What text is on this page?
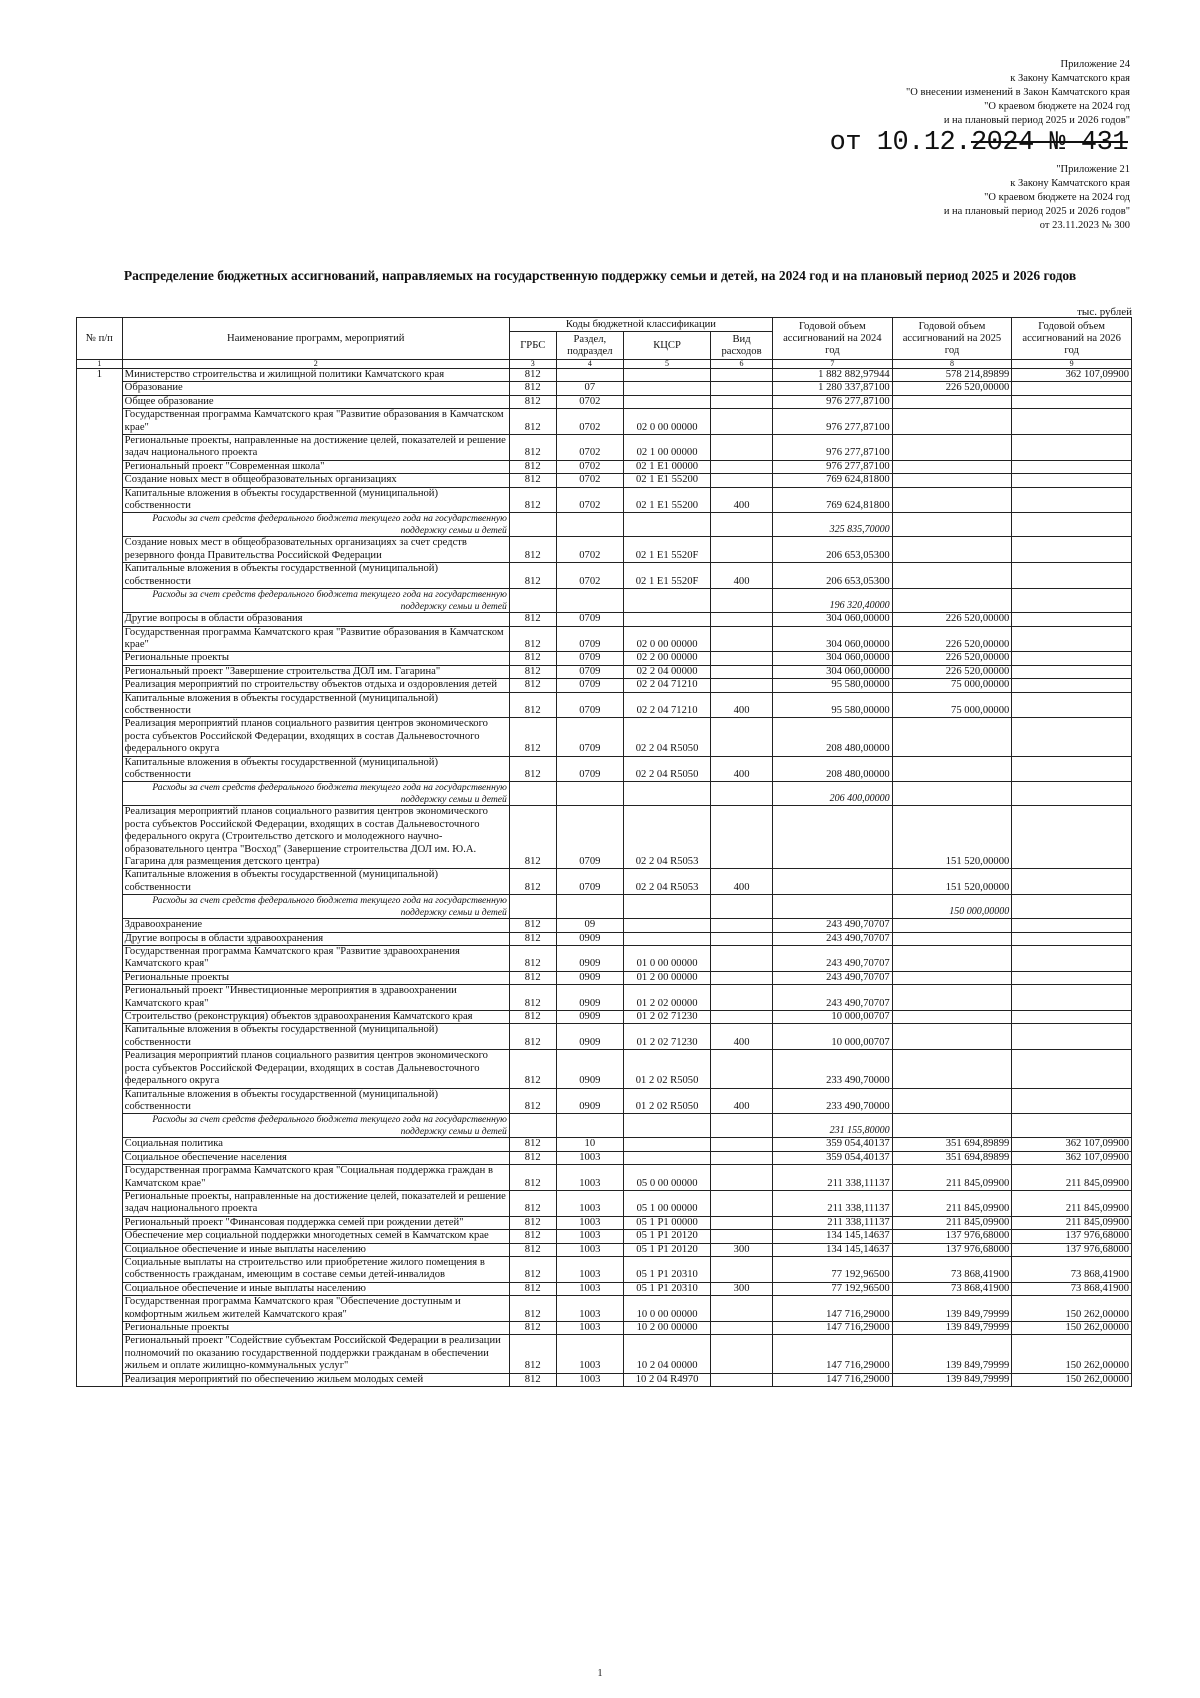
Приложение 24
к Закону Камчатского края
"О внесении изменений в Закон Камчатского края
"О краевом бюджете на 2024 год
и на плановый период 2025 и 2026 годов"
от 10.12.2024 № 431
"Приложение 21
к Закону Камчатского края
"О краевом бюджете на 2024 год
и на плановый период 2025 и 2026 годов"
от 23.11.2023 № 300
Распределение бюджетных ассигнований, направляемых на государственную поддержку семьи и детей, на 2024 год и на плановый период 2025 и 2026 годов
тыс. рублей
№ п/п	Наименование программ, мероприятий	Коды бюджетной классификации				Годовой объем ассигнований на 2024 год	Годовой объем ассигнований на 2025 год	Годовой объем ассигнований на 2026 год
		ГРБС	Раздел, подраздел	КЦСР	Вид расходов			
1	2	3	4	5	6	7	8	9
1	Министерство строительства и жилищной политики Камчатского края	812				1 882 882,97944	578 214,89899	362 107,09900
	Образование	812	07			1 280 337,87100	226 520,00000	
	Общее образование	812	0702			976 277,87100		
	Государственная программа Камчатского края "Развитие образования в Камчатском крае"	812	0702	02 0 00 00000		976 277,87100		
	Региональные проекты, направленные на достижение целей, показателей и решение задач национального проекта	812	0702	02 1 00 00000		976 277,87100		
	Региональный проект "Современная школа"	812	0702	02 1 E1 00000		976 277,87100		
	Создание новых мест в общеобразовательных организациях	812	0702	02 1 E1 55200		769 624,81800		
	Капитальные вложения в объекты государственной (муниципальной) собственности	812	0702	02 1 E1 55200	400	769 624,81800		
	Расходы за счет средств федерального бюджета текущего года на государственную поддержку семьи и детей					325 835,70000		
	Создание новых мест в общеобразовательных организациях за счет средств резервного фонда Правительства Российской Федерации	812	0702	02 1 E1 5520F		206 653,05300		
	Капитальные вложения в объекты государственной (муниципальной) собственности	812	0702	02 1 E1 5520F	400	206 653,05300		
	Расходы за счет средств федерального бюджета текущего года на государственную поддержку семьи и детей					196 320,40000		
	Другие вопросы в области образования	812	0709			304 060,00000	226 520,00000	
	Государственная программа Камчатского края "Развитие образования в Камчатском крае"	812	0709	02 0 00 00000		304 060,00000	226 520,00000	
	Региональные проекты	812	0709	02 2 00 00000		304 060,00000	226 520,00000	
	Региональный проект "Завершение строительства ДОЛ им. Гагарина"	812	0709	02 2 04 00000		304 060,00000	226 520,00000	
	Реализация мероприятий по строительству объектов отдыха и оздоровления детей	812	0709	02 2 04 71210		95 580,00000	75 000,00000	
	Капитальные вложения в объекты государственной (муниципальной) собственности	812	0709	02 2 04 71210	400	95 580,00000	75 000,00000	
	Реализация мероприятий планов социального развития центров экономического роста субъектов Российской Федерации, входящих в состав Дальневосточного федерального округа	812	0709	02 2 04 R5050		208 480,00000		
	Капитальные вложения в объекты государственной (муниципальной) собственности	812	0709	02 2 04 R5050	400	208 480,00000		
	Расходы за счет средств федерального бюджета текущего года на государственную поддержку семьи и детей					206 400,00000		
	Реализация мероприятий планов социального развития центров экономического роста субъектов Российской Федерации, входящих в состав Дальневосточного федерального округа (Строительство детского и молодежного научно-образовательного центра "Восход" (Завершение строительства ДОЛ им. Ю.А. Гагарина для размещения детского центра)	812	0709	02 2 04 R5053			151 520,00000	
	Капитальные вложения в объекты государственной (муниципальной) собственности	812	0709	02 2 04 R5053	400		151 520,00000	
	Расходы за счет средств федерального бюджета текущего года на государственную поддержку семьи и детей						150 000,00000	
	Здравоохранение	812	09			243 490,70707		
	Другие вопросы в области здравоохранения	812	0909			243 490,70707		
	Государственная программа Камчатского края "Развитие здравоохранения Камчатского края"	812	0909	01 0 00 00000		243 490,70707		
	Региональные проекты	812	0909	01 2 00 00000		243 490,70707		
	Региональный проект "Инвестиционные мероприятия в здравоохранении Камчатского края"	812	0909	01 2 02 00000		243 490,70707		
	Строительство (реконструкция) объектов здравоохранения Камчатского края	812	0909	01 2 02 71230		10 000,00707		
	Капитальные вложения в объекты государственной (муниципальной) собственности	812	0909	01 2 02 71230	400	10 000,00707		
	Реализация мероприятий планов социального развития центров экономического роста субъектов Российской Федерации, входящих в состав Дальневосточного федерального округа	812	0909	01 2 02 R5050		233 490,70000		
	Капитальные вложения в объекты государственной (муниципальной) собственности	812	0909	01 2 02 R5050	400	233 490,70000		
	Расходы за счет средств федерального бюджета текущего года на государственную поддержку семьи и детей					231 155,80000		
	Социальная политика	812	10			359 054,40137	351 694,89899	362 107,09900
	Социальное обеспечение населения	812	1003			359 054,40137	351 694,89899	362 107,09900
	Государственная программа Камчатского края "Социальная поддержка граждан в Камчатском крае"	812	1003	05 0 00 00000		211 338,11137	211 845,09900	211 845,09900
	Региональные проекты, направленные на достижение целей, показателей и решение задач национального проекта	812	1003	05 1 00 00000		211 338,11137	211 845,09900	211 845,09900
	Региональный проект "Финансовая поддержка семей при рождении детей"	812	1003	05 1 P1 00000		211 338,11137	211 845,09900	211 845,09900
	Обеспечение мер социальной поддержки многодетных семей в Камчатском крае	812	1003	05 1 P1 20120		134 145,14637	137 976,68000	137 976,68000
	Социальное обеспечение и иные выплаты населению	812	1003	05 1 P1 20120	300	134 145,14637	137 976,68000	137 976,68000
	Социальные выплаты на строительство или приобретение жилого помещения в собственность гражданам, имеющим в составе семьи детей-инвалидов	812	1003	05 1 P1 20310		77 192,96500	73 868,41900	73 868,41900
	Социальное обеспечение и иные выплаты населению	812	1003	05 1 P1 20310	300	77 192,96500	73 868,41900	73 868,41900
	Государственная программа Камчатского края "Обеспечение доступным и комфортным жильем жителей Камчатского края"	812	1003	10 0 00 00000		147 716,29000	139 849,79999	150 262,00000
	Региональные проекты	812	1003	10 2 00 00000		147 716,29000	139 849,79999	150 262,00000
	Региональный проект "Содействие субъектам Российской Федерации в реализации полномочий по оказанию государственной поддержки гражданам в обеспечении жильем и оплате жилищно-коммунальных услуг"	812	1003	10 2 04 00000		147 716,29000	139 849,79999	150 262,00000
	Реализация мероприятий по обеспечению жильем молодых семей	812	1003	10 2 04 R4970		147 716,29000	139 849,79999	150 262,00000
1
